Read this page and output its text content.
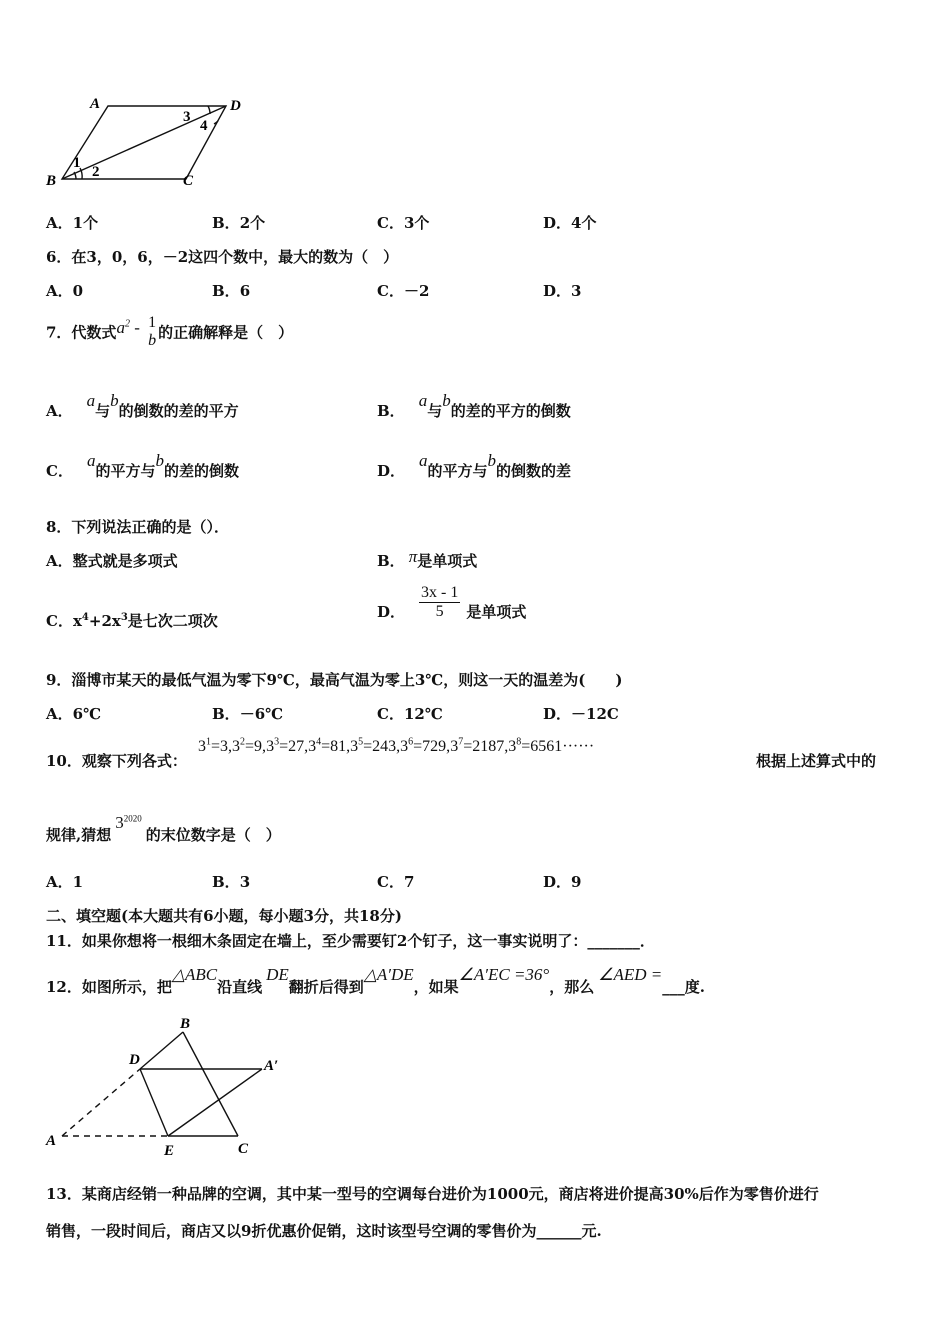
A	D
B	C
1
2
3
4
A．1个	B．2个	C．3个	D．4个
6．在3，0，6，－2这四个数中，最大的数为（　）
A．0	B．6	C．－2	D．3
7．代数式$a^2 - 1$
b 的正确解释是（　）
A．a与b的倒数的差的平方	B．a与b的差的平方的倒数
C．a的平方与b的差的倒数	D．a的平方与b的倒数的差
8．下列说法正确的是（）．
A．整式就是多项式	B． π是单项式
C．$x^4+2x^3$是七次二项次
D． $\frac{3x - 1}{5}$ 是单项式
9．淄博市某天的最低气温为零下9℃，最高气温为零上3℃，则这一天的温差为(　　)
A．6℃	B．－6℃	C．12℃	D．－12C
10．观察下列各式：
$3^1=3,3^2=9,3^3=27,3^4=81,3^5=243,3^6=729,3^7=2187,3^8=6561\cdot\cdot\cdot\cdot\cdot\cdot$
根据上述算式中的
规律,猜想$3^{2020}$的末位数字是（　）
A．1	B．3	C．7	D．9
二、填空题(本大题共有6小题，每小题3分，共18分)
11．如果你想将一根细木条固定在墙上，至少需要钉2个钉子，这一事实说明了：_______．
12．如图所示，把△ABC沿直线DE翻折后得到△A′DE，如果∠A′EC =36°，那么∠AED =___度.
B
D	A′
A
E	C
13．某商店经销一种品牌的空调，其中某一型号的空调每台进价为1000元，商店将进价提高30%后作为零售价进行
销售，一段时间后，商店又以9折优惠价促销，这时该型号空调的零售价为______元.
